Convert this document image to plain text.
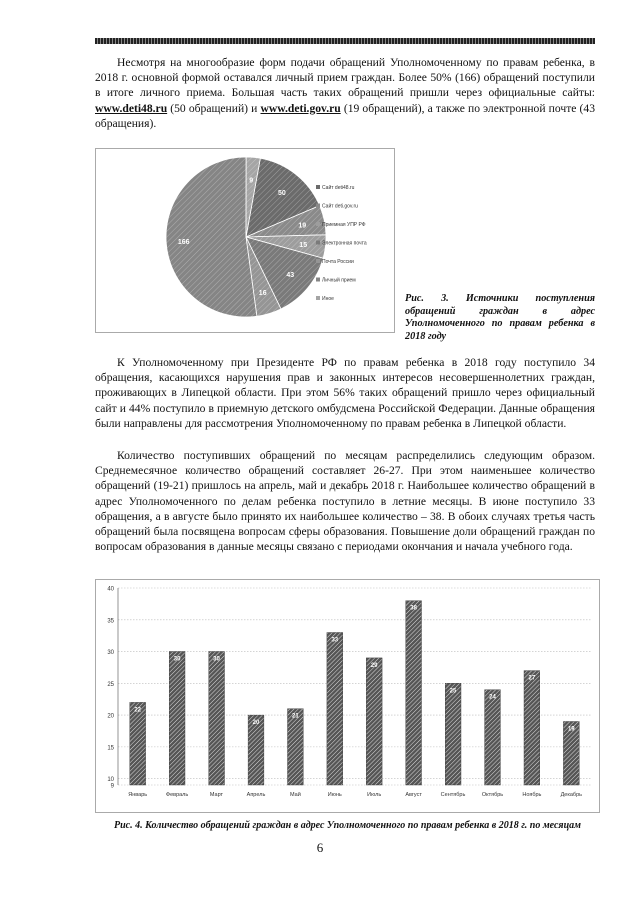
Несмотря на многообразие форм подачи обращений Уполномоченному по правам ребенка, в 2018 г. основной формой оставался личный прием граждан. Более 50% (166) обращений поступили в итоге личного приема. Большая часть таких обращений пришли через официальные сайты: www.deti48.ru (50 обращений) и www.deti.gov.ru (19 обращений), а также по электронной почте (43 обращения).

50
19
15
43
16
166
9
Сайт deti48.ru
Сайт deti.gov.ru
Приемная УПР РФ
Электронная почта
Почта России
Личный прием
Иное	Рис. 3. Источники поступления обращений граждан в адрес Уполномоченного по правам ребенка в 2018 году

К Уполномоченному при Президенте РФ по правам ребенка в 2018 году поступило 34 обращения, касающихся нарушения прав и законных интересов несовершеннолетних граждан, проживающих в Липецкой области. При этом 56% таких обращений пришло через официальный сайт и 44% поступило в приемную детского омбудсмена Российской Федерации. Данные обращения были направлены для рассмотрения Уполномоченному по правам ребенка в Липецкой области.

Количество поступивших обращений по месяцам распределились следующим образом. Среднемесячное количество обращений составляет 26-27. При этом наименьшее количество обращений (19-21) пришлось на апрель, май и декабрь 2018 г. Наибольшее количество обращений в адрес Уполномоченного по делам ребенка поступило в летние месяцы. В июне поступило 33 обращения, а в августе было принято их наибольшее количество – 38. В обоих случаях третья часть обращений была посвящена вопросам сферы образования. Повышение доли обращений граждан по вопросам образования в данные месяцы связано с периодами окончания и начала учебного года.

9
10
15
20
25
30
35
40
22
Январь
30
Февраль
30
Март
20
Апрель
21
Май
33
Июнь
29
Июль
38
Август
25
Сентябрь
24
Октябрь
27
Ноябрь
19
Декабрь
Рис. 4. Количество обращений граждан в адрес Уполномоченного по правам ребенка в 2018 г. по месяцам
6
